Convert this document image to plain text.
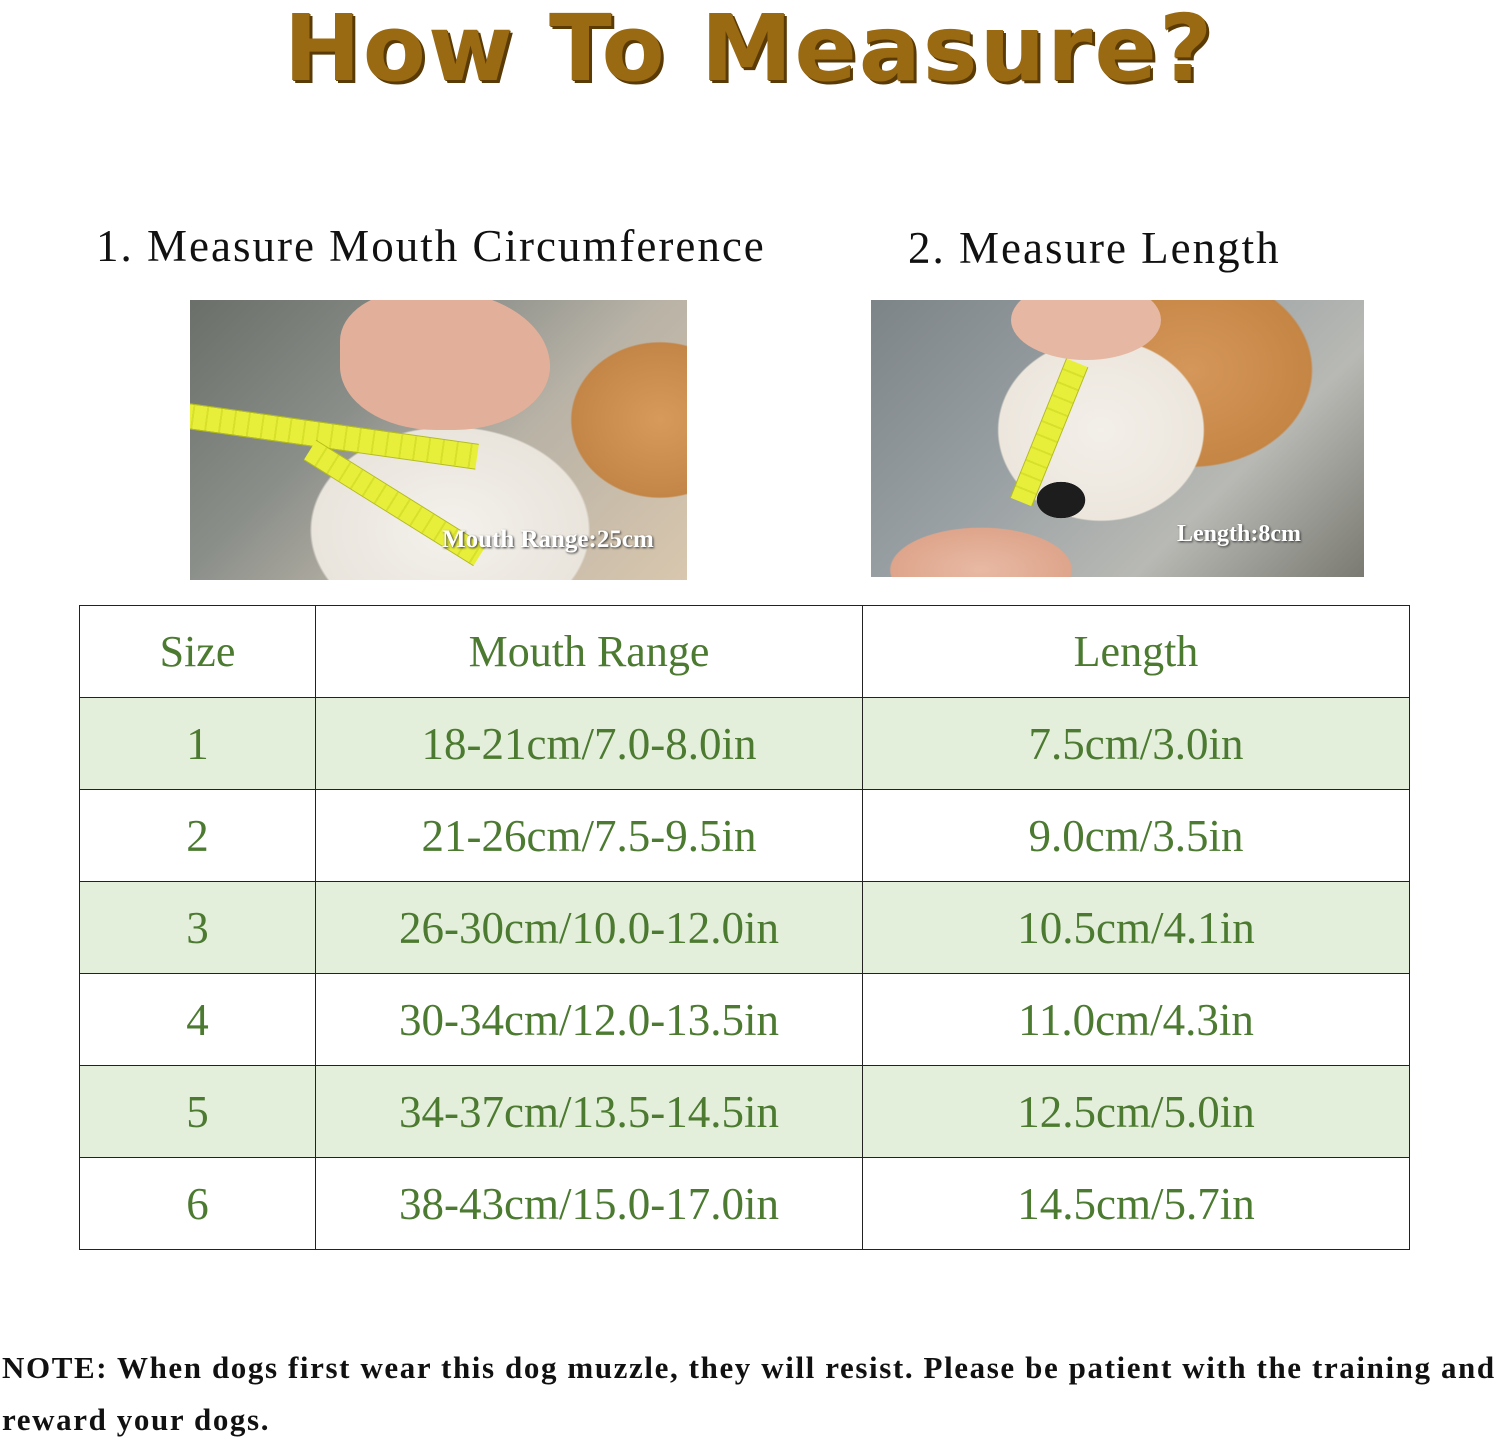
How To Measure?
1. Measure Mouth Circumference	2. Measure Length
Mouth Range:25cm	Length:8cm
Size	Mouth Range	Length
1	18-21cm/7.0-8.0in	7.5cm/3.0in
2	21-26cm/7.5-9.5in	9.0cm/3.5in
3	26-30cm/10.0-12.0in	10.5cm/4.1in
4	30-34cm/12.0-13.5in	11.0cm/4.3in
5	34-37cm/13.5-14.5in	12.5cm/5.0in
6	38-43cm/15.0-17.0in	14.5cm/5.7in
NOTE: When dogs first wear this dog muzzle, they will resist. Please be patient with the training and reward your dogs.
